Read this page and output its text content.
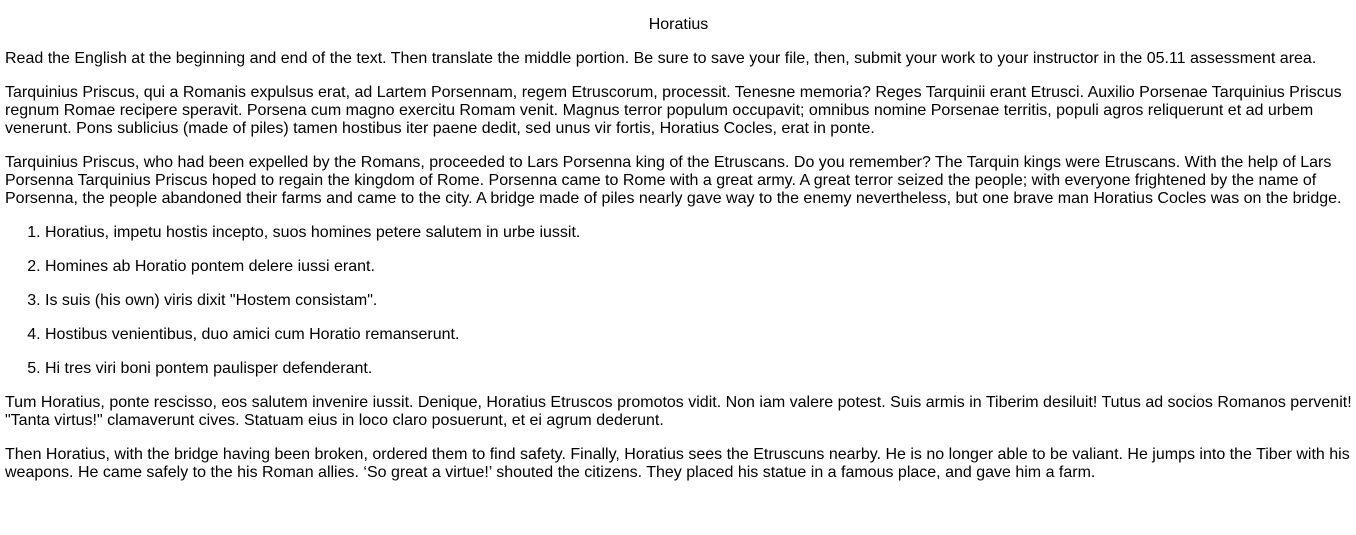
Horatius

Read the English at the beginning and end of the text. Then translate the middle portion. Be sure to save your file, then, submit your work to your instructor in the 05.11 assessment area.

Tarquinius Priscus, qui a Romanis expulsus erat, ad Lartem Porsennam, regem Etruscorum, processit. Tenesne memoria? Reges Tarquinii erant Etrusci. Auxilio Porsenae Tarquinius Priscus regnum Romae recipere speravit. Porsena cum magno exercitu Romam venit. Magnus terror populum occupavit; omnibus nomine Porsenae territis, populi agros reliquerunt et ad urbem venerunt. Pons sublicius (made of piles) tamen hostibus iter paene dedit, sed unus vir fortis, Horatius Cocles, erat in ponte.

Tarquinius Priscus, who had been expelled by the Romans, proceeded to Lars Porsenna king of the Etruscans. Do you remember? The Tarquin kings were Etruscans. With the help of Lars Porsenna Tarquinius Priscus hoped to regain the kingdom of Rome. Porsenna came to Rome with a great army. A great terror seized the people; with everyone frightened by the name of Porsenna, the people abandoned their farms and came to the city. A bridge made of piles nearly gave way to the enemy nevertheless, but one brave man Horatius Cocles was on the bridge.

1. Horatius, impetu hostis incepto, suos homines petere salutem in urbe iussit.
2. Homines ab Horatio pontem delere iussi erant.
3. Is suis (his own) viris dixit "Hostem consistam".
4. Hostibus venientibus, duo amici cum Horatio remanserunt.
5. Hi tres viri boni pontem paulisper defenderant.

Tum Horatius, ponte rescisso, eos salutem invenire iussit. Denique, Horatius Etruscos promotos vidit. Non iam valere potest. Suis armis in Tiberim desiluit! Tutus ad socios Romanos pervenit! "Tanta virtus!" clamaverunt cives. Statuam eius in loco claro posuerunt, et ei agrum dederunt.

Then Horatius, with the bridge having been broken, ordered them to find safety. Finally, Horatius sees the Etruscuns nearby. He is no longer able to be valiant. He jumps into the Tiber with his weapons. He came safely to the his Roman allies. ‘So great a virtue!’ shouted the citizens. They placed his statue in a famous place, and gave him a farm.
